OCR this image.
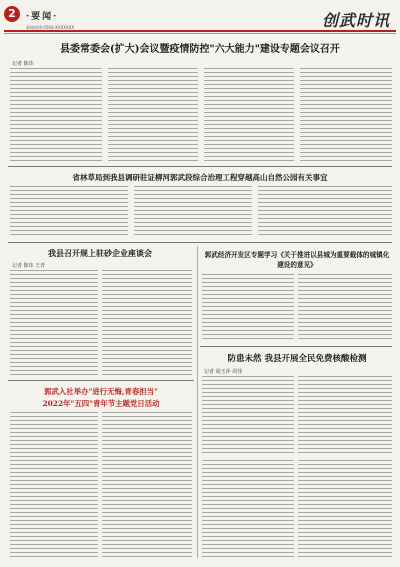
2	·要闻·
新闻热线:0564-XXXXXXX	创武时讯
县委常委会(扩大)会议暨疫情防控"六大能力"建设专题会议召开
记者 陈玮
省林草局到我县调研驻证柳河郭武段综合治理工程穿越高山自然公园有关事宜
我县召开规上驻砂企业座谈会
记者 陈玮 王青
郭武经济开发区专题学习《关于推进以县城为重要载体的城镇化建设的意见》
防患未然 我县开展全民免费核酸检测
记者 胡玉萍 周伟
郭武入社举办"进行无悔,青春担当"
2022年"五四"青年节主题党日活动
